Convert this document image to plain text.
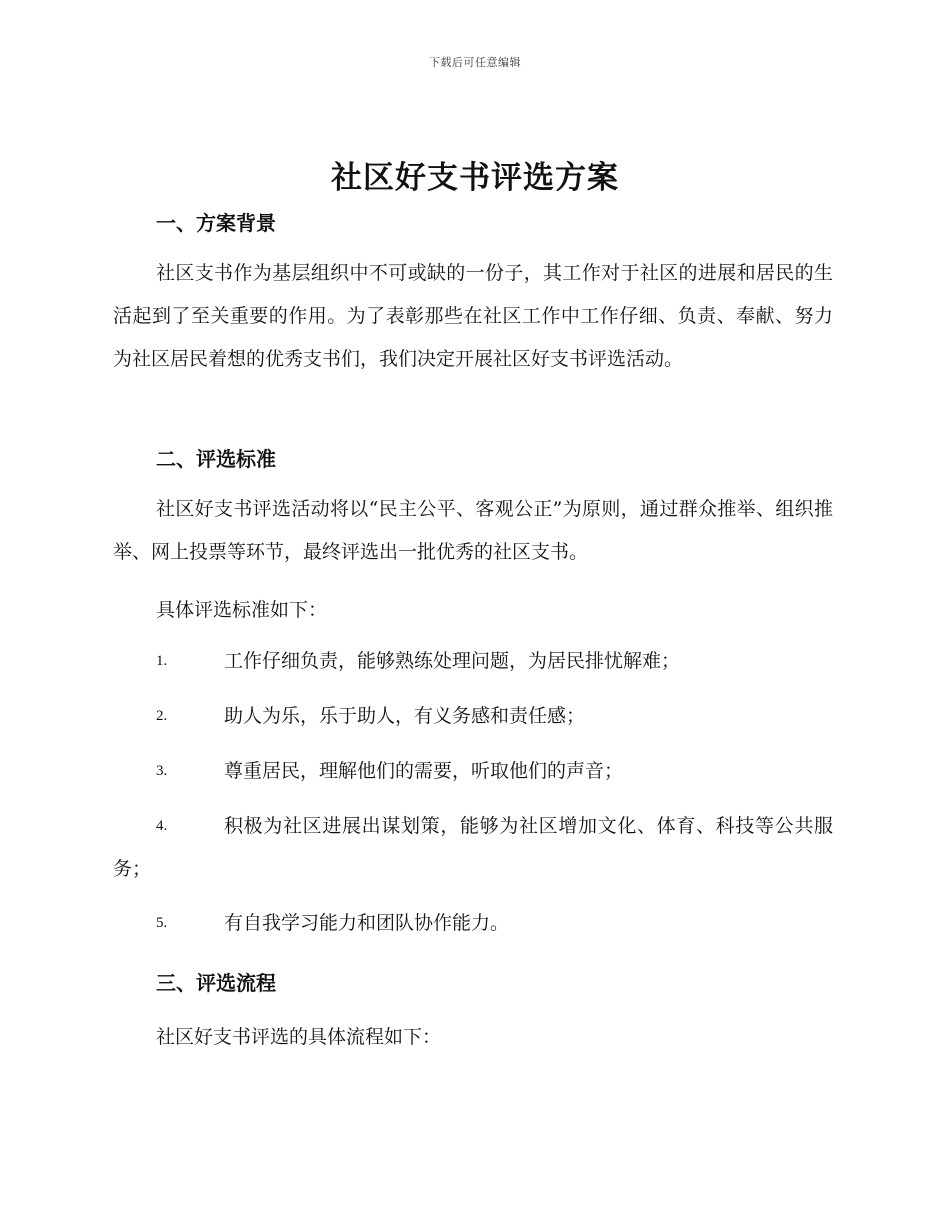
下载后可任意编辑
社区好支书评选方案
一、方案背景
社区支书作为基层组织中不可或缺的一份子，其工作对于社区的进展和居民的生活起到了至关重要的作用。为了表彰那些在社区工作中工作仔细、负责、奉献、努力为社区居民着想的优秀支书们，我们决定开展社区好支书评选活动。
二、评选标准
社区好支书评选活动将以“民主公平、客观公正”为原则，通过群众推举、组织推举、网上投票等环节，最终评选出一批优秀的社区支书。
具体评选标准如下：
1.	工作仔细负责，能够熟练处理问题，为居民排忧解难；
2.	助人为乐，乐于助人，有义务感和责任感；
3.	尊重居民，理解他们的需要，听取他们的声音；
4.	积极为社区进展出谋划策，能够为社区增加文化、体育、科技等公共服务；
5.	有自我学习能力和团队协作能力。
三、评选流程
社区好支书评选的具体流程如下：
